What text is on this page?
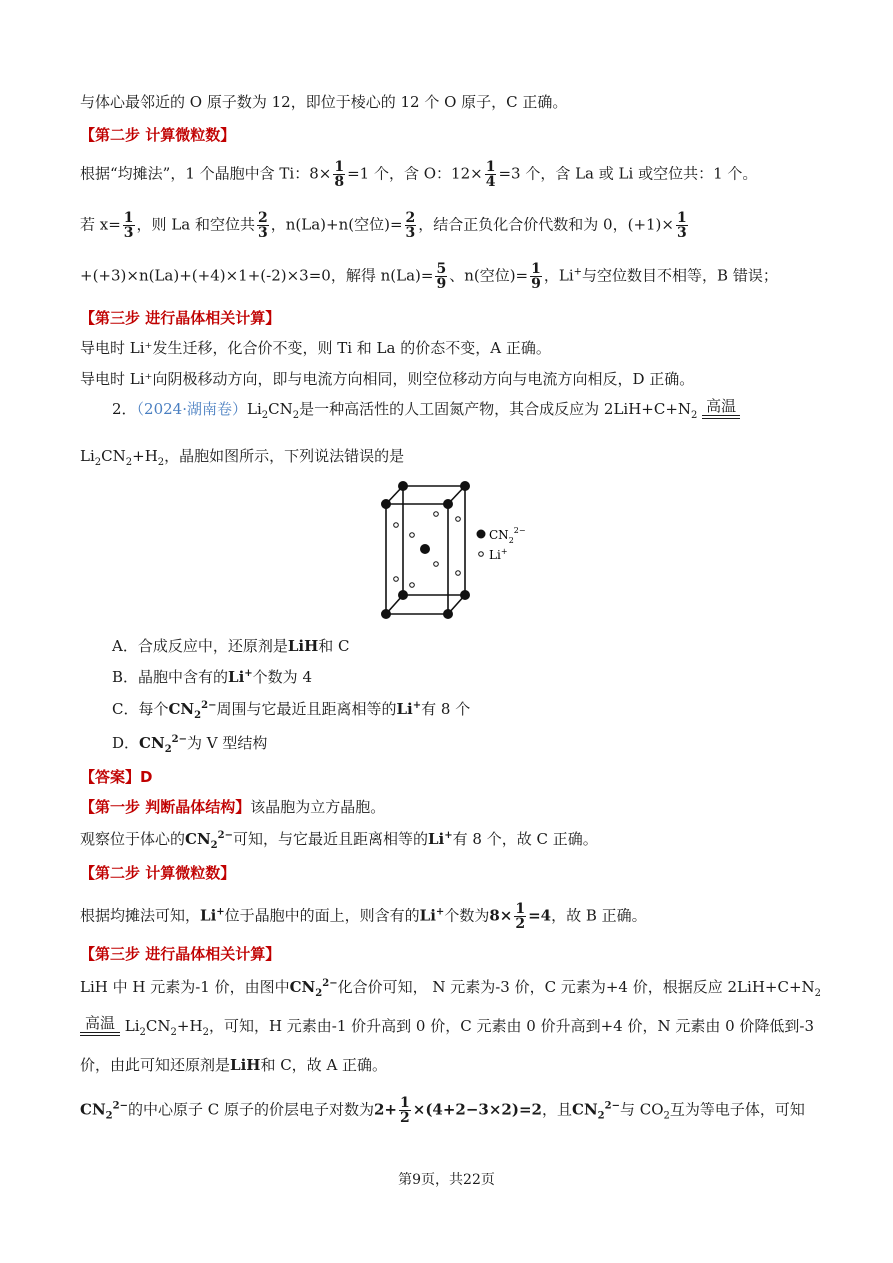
与体心最邻近的 O 原子数为 12，即位于棱心的 12 个 O 原子，C 正确。
【第二步 计算微粒数】
根据“均摊法”，1 个晶胞中含 Ti：$8\times \frac{1}{8} =1$ 个，含 O：$12\times \frac{1}{4} =3$ 个，含 La 或 Li 或空位共：1 个。
若 $x= \frac{1}{3}$ ，则 La 和空位共 $\frac{2}{3}$ ，n(La)+n(空位)= $\frac{2}{3}$ ，结合正负化合价代数和为 0，$(+1)\times \frac{1}{3}$
+(+3)×n(La)+(+4)×1+(-2)×3=0，解得 $n(La)= \frac{5}{9}$ 、n(空位)= $\frac{1}{9}$ ，Li+与空位数目不相等，B 错误；
【第三步 进行晶体相关计算】
导电时 Li⁺发生迁移，化合价不变，则 Ti 和 La 的价态不变，A 正确。
导电时 Li⁺向阴极移动方向，即与电流方向相同，则空位移动方向与电流方向相反，D 正确。
2．（2024·湖南卷）$Li_2CN_2$是一种高活性的人工固氮产物，其合成反应为 $2LiH+C+N_2$
高温
$Li_2CN_2+H_2$，晶胞如图所示，下列说法错误的是
$CN_2^{2-}$
Li+
A．合成反应中，还原剂是LiH和 C
B．晶胞中含有的Li+个数为 4
C．每个$CN_2^{2-}$周围与它最近且距离相等的Li+有 8 个
D．$CN_2^{2-}$为 V 型结构
【答案】D
【第一步 判断晶体结构】该晶胞为立方晶胞。
观察位于体心的$CN_2^{2-}$可知，与它最近且距离相等的Li+有 8 个，故 C 正确。
【第二步 计算微粒数】
根据均摊法可知，Li+位于晶胞中的面上，则含有的Li+个数为$8\times \frac{1}{2} =4$，故 B 正确。
【第三步 进行晶体相关计算】
LiH 中 H 元素为-1 价，由图中$CN_2^{2-}$化合价可知， N 元素为-3 价，C 元素为+4 价，根据反应 $2LiH+C+N_2$
高温 $Li_2CN_2+H_2$，可知，H 元素由-1 价升高到 0 价，C 元素由 0 价升高到+4 价，N 元素由 0 价降低到-3
价，由此可知还原剂是LiH和 C，故 A 正确。
$CN_2^{2-}$的中心原子 C 原子的价层电子对数为$2+ \frac{1}{2} \times(4+2-3\times 2)=2$，且$CN_2^{2-}$与 $CO_2$互为等电子体，可知
第9页，共22页
